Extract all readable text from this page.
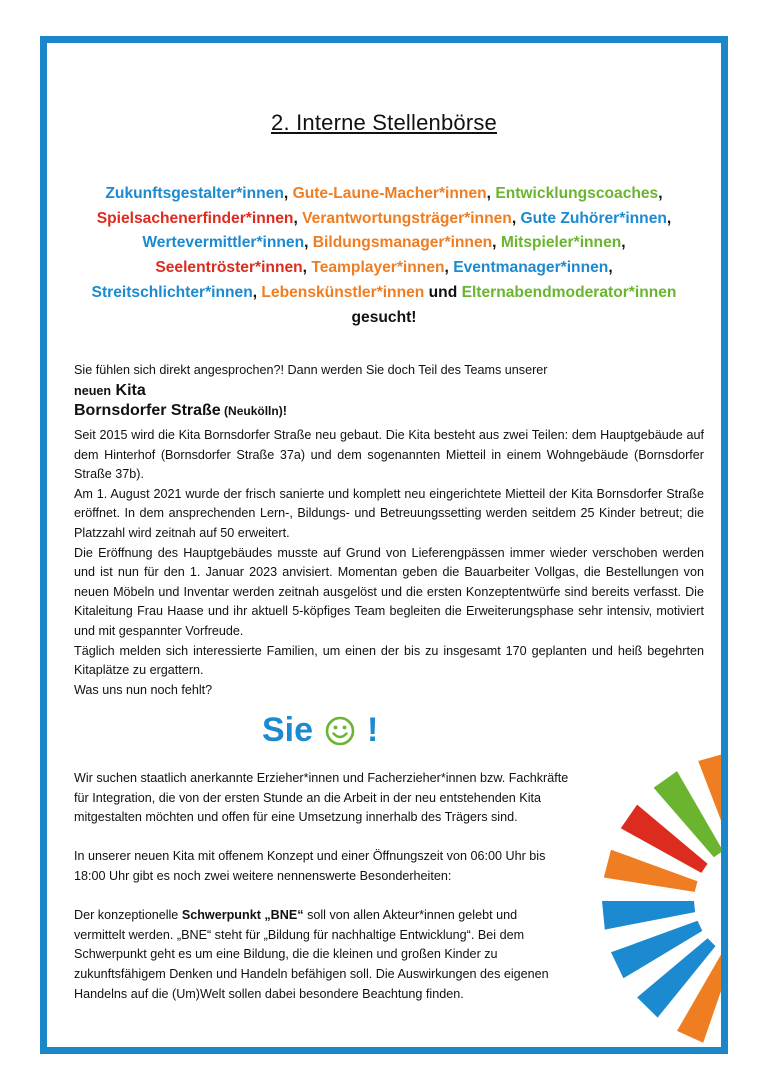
2. Interne Stellenbörse
Zukunftsgestalter*innen, Gute-Laune-Macher*innen, Entwicklungscoaches,
Spielsachenerfinder*innen, Verantwortungsträger*innen, Gute Zuhörer*innen,
Wertevermittler*innen, Bildungsmanager*innen, Mitspieler*innen,
Seelentröster*innen, Teamplayer*innen, Eventmanager*innen,
Streitschlichter*innen, Lebenskünstler*innen und Elternabendmoderator*innen
gesucht!
Sie fühlen sich direkt angesprochen?! Dann werden Sie doch Teil des Teams unserer neuen Kita
Bornsdorfer Straße (Neukölln)!

Seit 2015 wird die Kita Bornsdorfer Straße neu gebaut. Die Kita besteht aus zwei Teilen: dem Hauptgebäude auf dem Hinterhof (Bornsdorfer Straße 37a) und dem sogenannten Mietteil in einem Wohngebäude (Bornsdorfer Straße 37b).

Am 1. August 2021 wurde der frisch sanierte und komplett neu eingerichtete Mietteil der Kita Bornsdorfer Straße eröffnet. In dem ansprechenden Lern-, Bildungs- und Betreuungssetting werden seitdem 25 Kinder betreut; die Platzzahl wird zeitnah auf 50 erweitert.

Die Eröffnung des Hauptgebäudes musste auf Grund von Lieferengpässen immer wieder verschoben werden und ist nun für den 1. Januar 2023 anvisiert. Momentan geben die Bauarbeiter Vollgas, die Bestellungen von neuen Möbeln und Inventar werden zeitnah ausgelöst und die ersten Konzeptentwürfe sind bereits verfasst. Die Kitaleitung Frau Haase und ihr aktuell 5-köpfiges Team begleiten die Erweiterungsphase sehr intensiv, motiviert und mit gespannter Vorfreude.

Täglich melden sich interessierte Familien, um einen der bis zu insgesamt 170 geplanten und heiß begehrten Kitaplätze zu ergattern.

Was uns nun noch fehlt?

Sie !

Wir suchen staatlich anerkannte Erzieher*innen und Facherzieher*innen bzw. Fachkräfte für Integration, die von der ersten Stunde an die Arbeit in der neu entstehenden Kita mitgestalten möchten und offen für eine Umsetzung innerhalb des Trägers sind.

In unserer neuen Kita mit offenem Konzept und einer Öffnungszeit von 06:00 Uhr bis 18:00 Uhr gibt es noch zwei weitere nennenswerte Besonderheiten:

Der konzeptionelle Schwerpunkt „BNE“ soll von allen Akteur*innen gelebt und vermittelt werden. „BNE“ steht für „Bildung für nachhaltige Entwicklung“. Bei dem Schwerpunkt geht es um eine Bildung, die die kleinen und großen Kinder zu zukunftsfähigem Denken und Handeln befähigen soll. Die Auswirkungen des eigenen Handelns auf die (Um)Welt sollen dabei besondere Beachtung finden.
